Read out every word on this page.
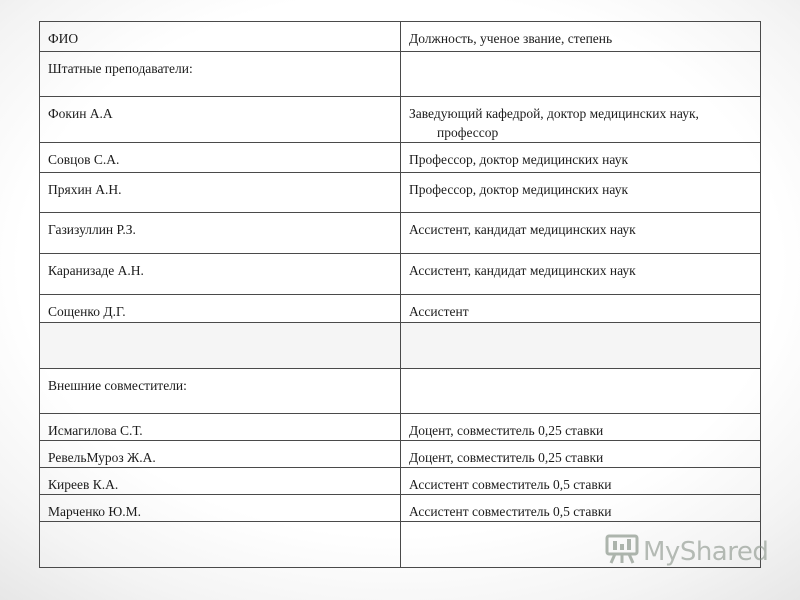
ФИО	Должность, ученое звание, степень
Штатные преподаватели:	
Фокин А.А	Заведующий кафедрой, доктор медицинских наук, профессор

Совцов С.А.	Профессор, доктор медицинских наук
Пряхин А.Н.	Профессор, доктор медицинских наук
Газизуллин Р.З.	Ассистент, кандидат медицинских наук
Каранизаде А.Н.	Ассистент, кандидат медицинских наук
Сощенко Д.Г.	Ассистент

Внешние совместители:	
Исмагилова С.Т.	Доцент, совместитель 0,25 ставки
РевельМуроз Ж.А.	Доцент, совместитель 0,25 ставки
Киреев К.А.	Ассистент совместитель 0,5 ставки
Марченко Ю.М.	Ассистент совместитель 0,5 ставки

MyShared
